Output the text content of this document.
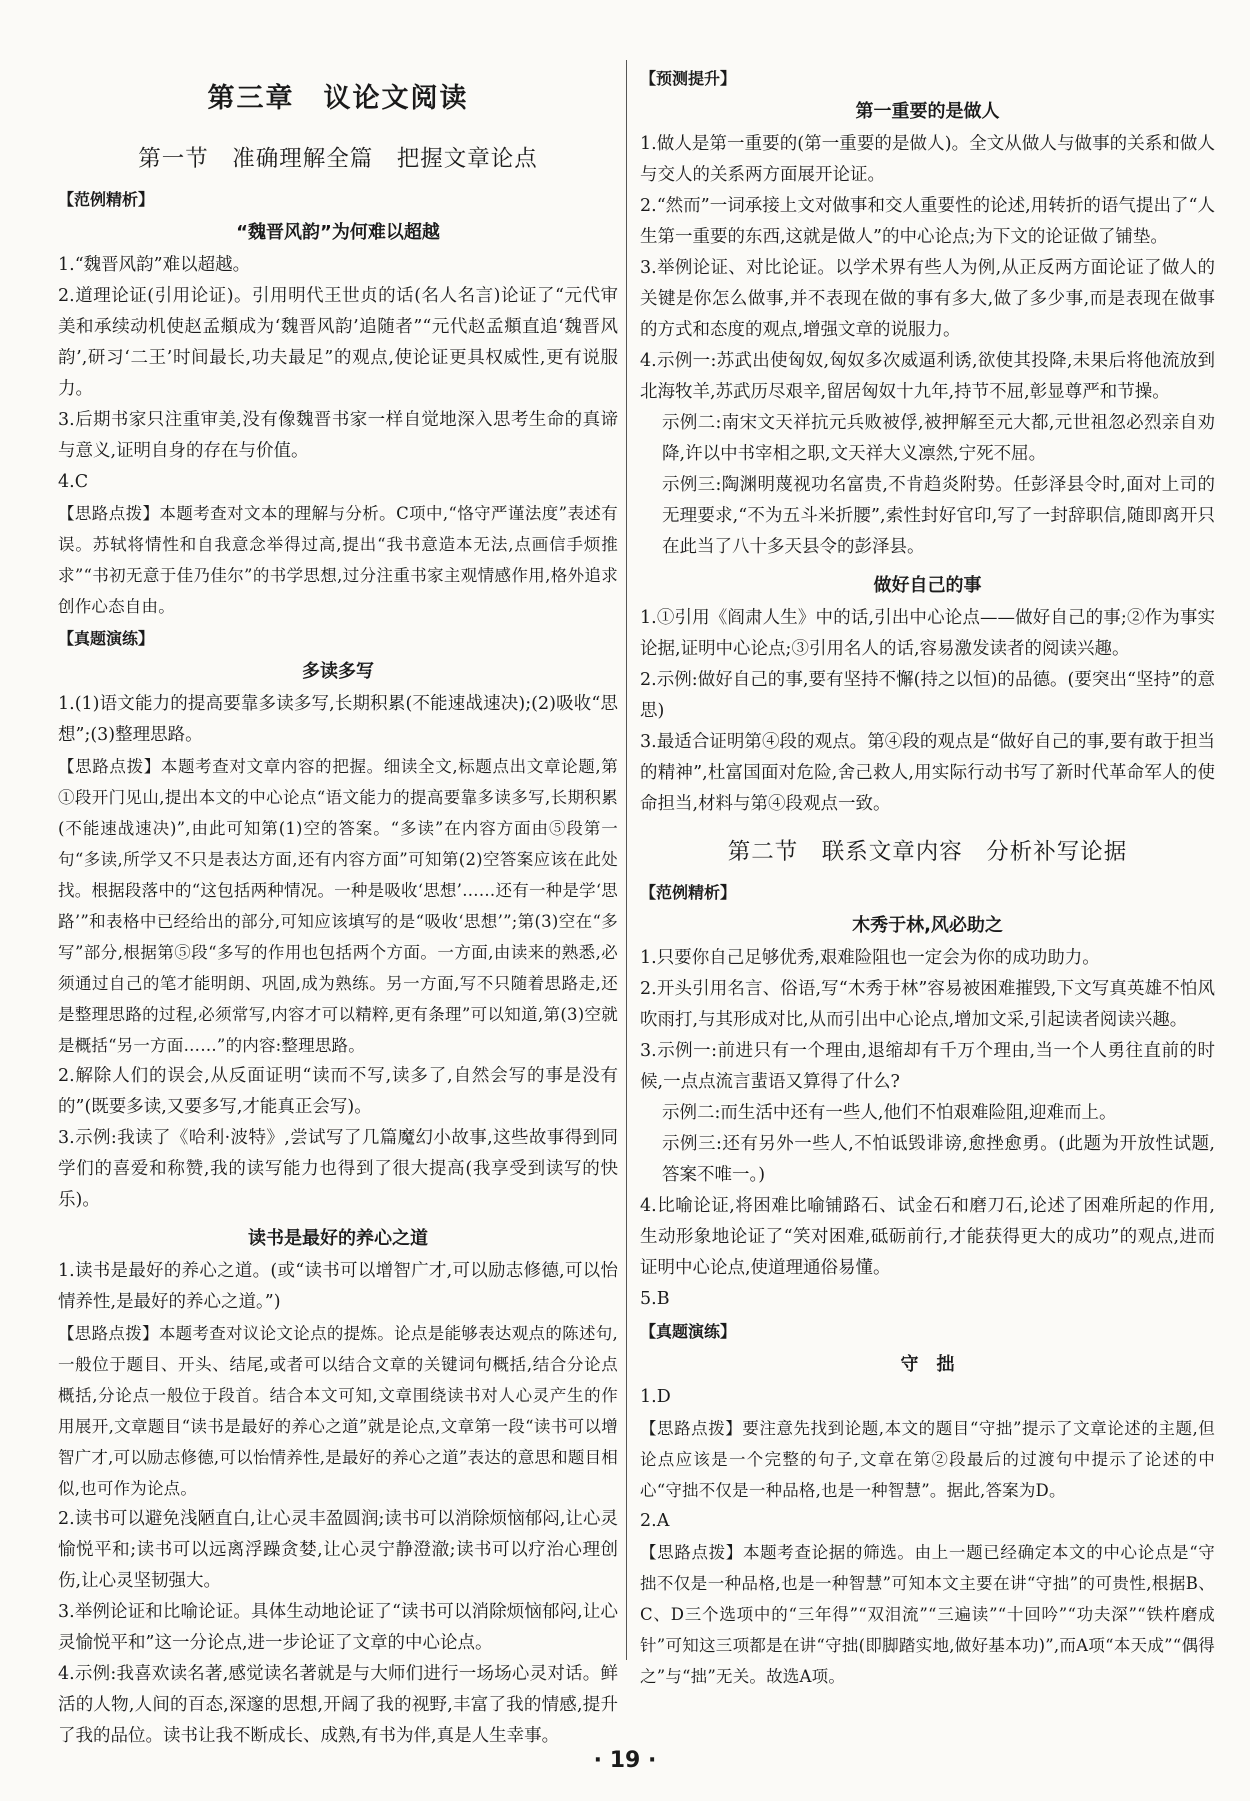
第三章　议论文阅读
第一节　准确理解全篇　把握文章论点
【范例精析】
“魏晋风韵”为何难以超越

1.“魏晋风韵”难以超越。

2.道理论证(引用论证)。引用明代王世贞的话(名人名言)论证了“元代审美和承续动机使赵孟頫成为‘魏晋风韵’追随者”“元代赵孟頫直追‘魏晋风韵’,研习‘二王’时间最长,功夫最足”的观点,使论证更具权威性,更有说服力。

3.后期书家只注重审美,没有像魏晋书家一样自觉地深入思考生命的真谛与意义,证明自身的存在与价值。

4.C

【思路点拨】本题考查对文本的理解与分析。C项中,“恪守严谨法度”表述有误。苏轼将情性和自我意念举得过高,提出“我书意造本无法,点画信手烦推求”“书初无意于佳乃佳尔”的书学思想,过分注重书家主观情感作用,格外追求创作心态自由。

【真题演练】
多读多写

1.(1)语文能力的提高要靠多读多写,长期积累(不能速战速决);(2)吸收“思想”;(3)整理思路。

【思路点拨】本题考查对文章内容的把握。细读全文,标题点出文章论题,第①段开门见山,提出本文的中心论点“语文能力的提高要靠多读多写,长期积累(不能速战速决)”,由此可知第(1)空的答案。“多读”在内容方面由⑤段第一句“多读,所学又不只是表达方面,还有内容方面”可知第(2)空答案应该在此处找。根据段落中的“这包括两种情况。一种是吸收‘思想’……还有一种是学‘思路’”和表格中已经给出的部分,可知应该填写的是“吸收‘思想’”;第(3)空在“多写”部分,根据第⑤段“多写的作用也包括两个方面。一方面,由读来的熟悉,必须通过自己的笔才能明朗、巩固,成为熟练。另一方面,写不只随着思路走,还是整理思路的过程,必须常写,内容才可以精粹,更有条理”可以知道,第(3)空就是概括“另一方面……”的内容:整理思路。

2.解除人们的误会,从反面证明“读而不写,读多了,自然会写的事是没有的”(既要多读,又要多写,才能真正会写)。

3.示例:我读了《哈利·波特》,尝试写了几篇魔幻小故事,这些故事得到同学们的喜爱和称赞,我的读写能力也得到了很大提高(我享受到读写的快乐)。

读书是最好的养心之道

1.读书是最好的养心之道。(或“读书可以增智广才,可以励志修德,可以怡情养性,是最好的养心之道。”)

【思路点拨】本题考查对议论文论点的提炼。论点是能够表达观点的陈述句,一般位于题目、开头、结尾,或者可以结合文章的关键词句概括,结合分论点概括,分论点一般位于段首。结合本文可知,文章围绕读书对人心灵产生的作用展开,文章题目“读书是最好的养心之道”就是论点,文章第一段“读书可以增智广才,可以励志修德,可以怡情养性,是最好的养心之道”表达的意思和题目相似,也可作为论点。

2.读书可以避免浅陋直白,让心灵丰盈圆润;读书可以消除烦恼郁闷,让心灵愉悦平和;读书可以远离浮躁贪婪,让心灵宁静澄澈;读书可以疗治心理创伤,让心灵坚韧强大。

3.举例论证和比喻论证。具体生动地论证了“读书可以消除烦恼郁闷,让心灵愉悦平和”这一分论点,进一步论证了文章的中心论点。

4.示例:我喜欢读名著,感觉读名著就是与大师们进行一场场心灵对话。鲜活的人物,人间的百态,深邃的思想,开阔了我的视野,丰富了我的情感,提升了我的品位。读书让我不断成长、成熟,有书为伴,真是人生幸事。

【预测提升】
第一重要的是做人

1.做人是第一重要的(第一重要的是做人)。全文从做人与做事的关系和做人与交人的关系两方面展开论证。

2.“然而”一词承接上文对做事和交人重要性的论述,用转折的语气提出了“人生第一重要的东西,这就是做人”的中心论点;为下文的论证做了铺垫。

3.举例论证、对比论证。以学术界有些人为例,从正反两方面论证了做人的关键是你怎么做事,并不表现在做的事有多大,做了多少事,而是表现在做事的方式和态度的观点,增强文章的说服力。

4.示例一:苏武出使匈奴,匈奴多次威逼利诱,欲使其投降,未果后将他流放到北海牧羊,苏武历尽艰辛,留居匈奴十九年,持节不屈,彰显尊严和节操。

示例二:南宋文天祥抗元兵败被俘,被押解至元大都,元世祖忽必烈亲自劝降,许以中书宰相之职,文天祥大义凛然,宁死不屈。

示例三:陶渊明蔑视功名富贵,不肯趋炎附势。任彭泽县令时,面对上司的无理要求,“不为五斗米折腰”,索性封好官印,写了一封辞职信,随即离开只在此当了八十多天县令的彭泽县。

做好自己的事

1.①引用《阎肃人生》中的话,引出中心论点——做好自己的事;②作为事实论据,证明中心论点;③引用名人的话,容易激发读者的阅读兴趣。

2.示例:做好自己的事,要有坚持不懈(持之以恒)的品德。(要突出“坚持”的意思)

3.最适合证明第④段的观点。第④段的观点是“做好自己的事,要有敢于担当的精神”,杜富国面对危险,舍己救人,用实际行动书写了新时代革命军人的使命担当,材料与第④段观点一致。

第二节　联系文章内容　分析补写论据
【范例精析】
木秀于林,风必助之

1.只要你自己足够优秀,艰难险阻也一定会为你的成功助力。

2.开头引用名言、俗语,写“木秀于林”容易被困难摧毁,下文写真英雄不怕风吹雨打,与其形成对比,从而引出中心论点,增加文采,引起读者阅读兴趣。

3.示例一:前进只有一个理由,退缩却有千万个理由,当一个人勇往直前的时候,一点点流言蜚语又算得了什么?

示例二:而生活中还有一些人,他们不怕艰难险阻,迎难而上。

示例三:还有另外一些人,不怕诋毁诽谤,愈挫愈勇。(此题为开放性试题,答案不唯一。)

4.比喻论证,将困难比喻铺路石、试金石和磨刀石,论述了困难所起的作用,生动形象地论证了“笑对困难,砥砺前行,才能获得更大的成功”的观点,进而证明中心论点,使道理通俗易懂。

5.B

【真题演练】
守　拙

1.D

【思路点拨】要注意先找到论题,本文的题目“守拙”提示了文章论述的主题,但论点应该是一个完整的句子,文章在第②段最后的过渡句中提示了论述的中心“守拙不仅是一种品格,也是一种智慧”。据此,答案为D。

2.A

【思路点拨】本题考查论据的筛选。由上一题已经确定本文的中心论点是“守拙不仅是一种品格,也是一种智慧”可知本文主要在讲“守拙”的可贵性,根据B、C、D三个选项中的“三年得”“双泪流”“三遍读”“十回吟”“功夫深”“铁杵磨成针”可知这三项都是在讲“守拙(即脚踏实地,做好基本功)”,而A项“本天成”“偶得之”与“拙”无关。故选A项。

· 19 ·
